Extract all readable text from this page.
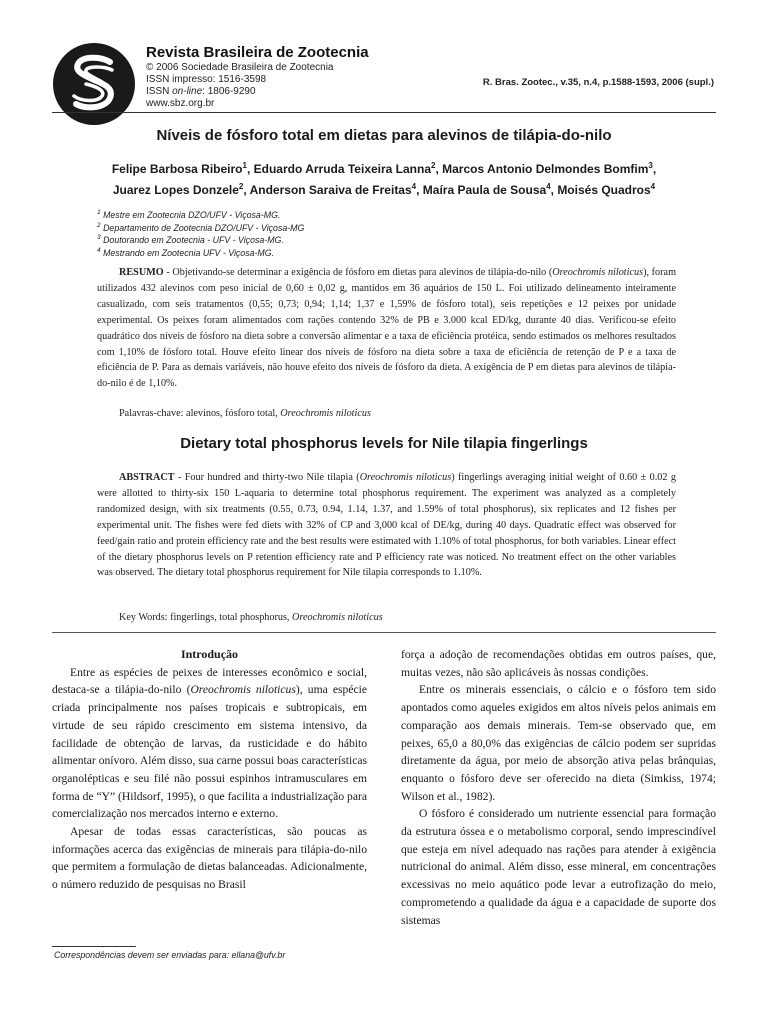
Revista Brasileira de Zootecnia
© 2006 Sociedade Brasileira de Zootecnia
ISSN impresso: 1516-3598
ISSN on-line: 1806-9290
www.sbz.org.br
R. Bras. Zootec., v.35, n.4, p.1588-1593, 2006 (supl.)
Níveis de fósforo total em dietas para alevinos de tilápia-do-nilo
Felipe Barbosa Ribeiro$^1$, Eduardo Arruda Teixeira Lanna$^2$, Marcos Antonio Delmondes Bomfim$^3$,
Juarez Lopes Donzele$^2$, Anderson Saraiva de Freitas$^4$, Maíra Paula de Sousa$^4$, Moisés Quadros$^4$
$^1$ Mestre em Zootecnia DZO/UFV - Viçosa-MG.
$^2$ Departamento de Zootecnia DZO/UFV - Viçosa-MG
$^3$ Doutorando em Zootecnia - UFV - Viçosa-MG.
$^4$ Mestrando em Zootecnia UFV - Viçosa-MG.
RESUMO - Objetivando-se determinar a exigência de fósforo em dietas para alevinos de tilápia-do-nilo (Oreochromis niloticus), foram utilizados 432 alevinos com peso inicial de 0,60 ± 0,02 g, mantidos em 36 aquários de 150 L. Foi utilizado delineamento inteiramente casualizado, com seis tratamentos (0,55; 0,73; 0,94; 1,14; 1,37 e 1,59% de fósforo total), seis repetições e 12 peixes por unidade experimental. Os peixes foram alimentados com rações contendo 32% de PB e 3.000 kcal ED/kg, durante 40 dias. Verificou-se efeito quadrático dos níveis de fósforo na dieta sobre a conversão alimentar e a taxa de eficiência protéica, sendo estimados os melhores resultados com 1,10% de fósforo total. Houve efeito linear dos níveis de fósforo na dieta sobre a taxa de eficiência de retenção de P e a taxa de eficiência de P. Para as demais variáveis, não houve efeito dos níveis de fósforo da dieta. A exigência de P em dietas para alevinos de tilápia-do-nilo é de 1,10%.
Palavras-chave: alevinos, fósforo total, Oreochromis niloticus
Dietary total phosphorus levels for Nile tilapia fingerlings
ABSTRACT - Four hundred and thirty-two Nile tilapia (Oreochromis niloticus) fingerlings averaging initial weight of 0.60 ± 0.02 g were allotted to thirty-six 150 L-aquaria to determine total phosphorus requirement. The experiment was analyzed as a completely randomized design, with six treatments (0.55, 0.73, 0.94, 1.14, 1.37, and 1.59% of total phosphorus), six replicates and 12 fishes per experimental unit. The fishes were fed diets with 32% of CP and 3,000 kcal of DE/kg, during 40 days. Quadratic effect was observed for feed/gain ratio and protein efficiency rate and the best results were estimated with 1.10% of total phosphorus, for both variables. Linear effect of the dietary phosphorus levels on P retention efficiency rate and P efficiency rate was noticed. No treatment effect on the other variables was observed. The dietary total phosphorus requirement for Nile tilapia corresponds to 1.10%.
Key Words: fingerlings, total phosphorus, Oreochromis niloticus

Introdução

Entre as espécies de peixes de interesses econômico e social, destaca-se a tilápia-do-nilo (Oreochromis niloticus), uma espécie criada principalmente nos países tropicais e subtropicais, em virtude de seu rápido crescimento em sistema intensivo, da facilidade de obtenção de larvas, da rusticidade e do hábito alimentar onívoro. Além disso, sua carne possui boas características organolépticas e seu filé não possui espinhos intramusculares em forma de “Y” (Hildsorf, 1995), o que facilita a industrialização para comercialização nos mercados interno e externo.

Apesar de todas essas características, são poucas as informações acerca das exigências de minerais para tilápia-do-nilo que permitem a formulação de dietas balanceadas. Adicionalmente, o número reduzido de pesquisas no Brasil

força a adoção de recomendações obtidas em outros países, que, muitas vezes, não são aplicáveis às nossas condições.

Entre os minerais essenciais, o cálcio e o fósforo tem sido apontados como aqueles exigidos em altos níveis pelos animais em comparação aos demais minerais. Tem-se observado que, em peixes, 65,0 a 80,0% das exigências de cálcio podem ser supridas diretamente da água, por meio de absorção ativa pelas brânquias, enquanto o fósforo deve ser oferecido na dieta (Simkiss, 1974; Wilson et al., 1982).

O fósforo é considerado um nutriente essencial para formação da estrutura óssea e o metabolismo corporal, sendo imprescindível que esteja em nível adequado nas rações para atender à exigência nutricional do animal. Além disso, esse mineral, em concentrações excessivas no meio aquático pode levar a eutrofização do meio, comprometendo a qualidade da água e a capacidade de suporte dos sistemas

Correspondências devem ser enviadas para: ellana@ufv.br
